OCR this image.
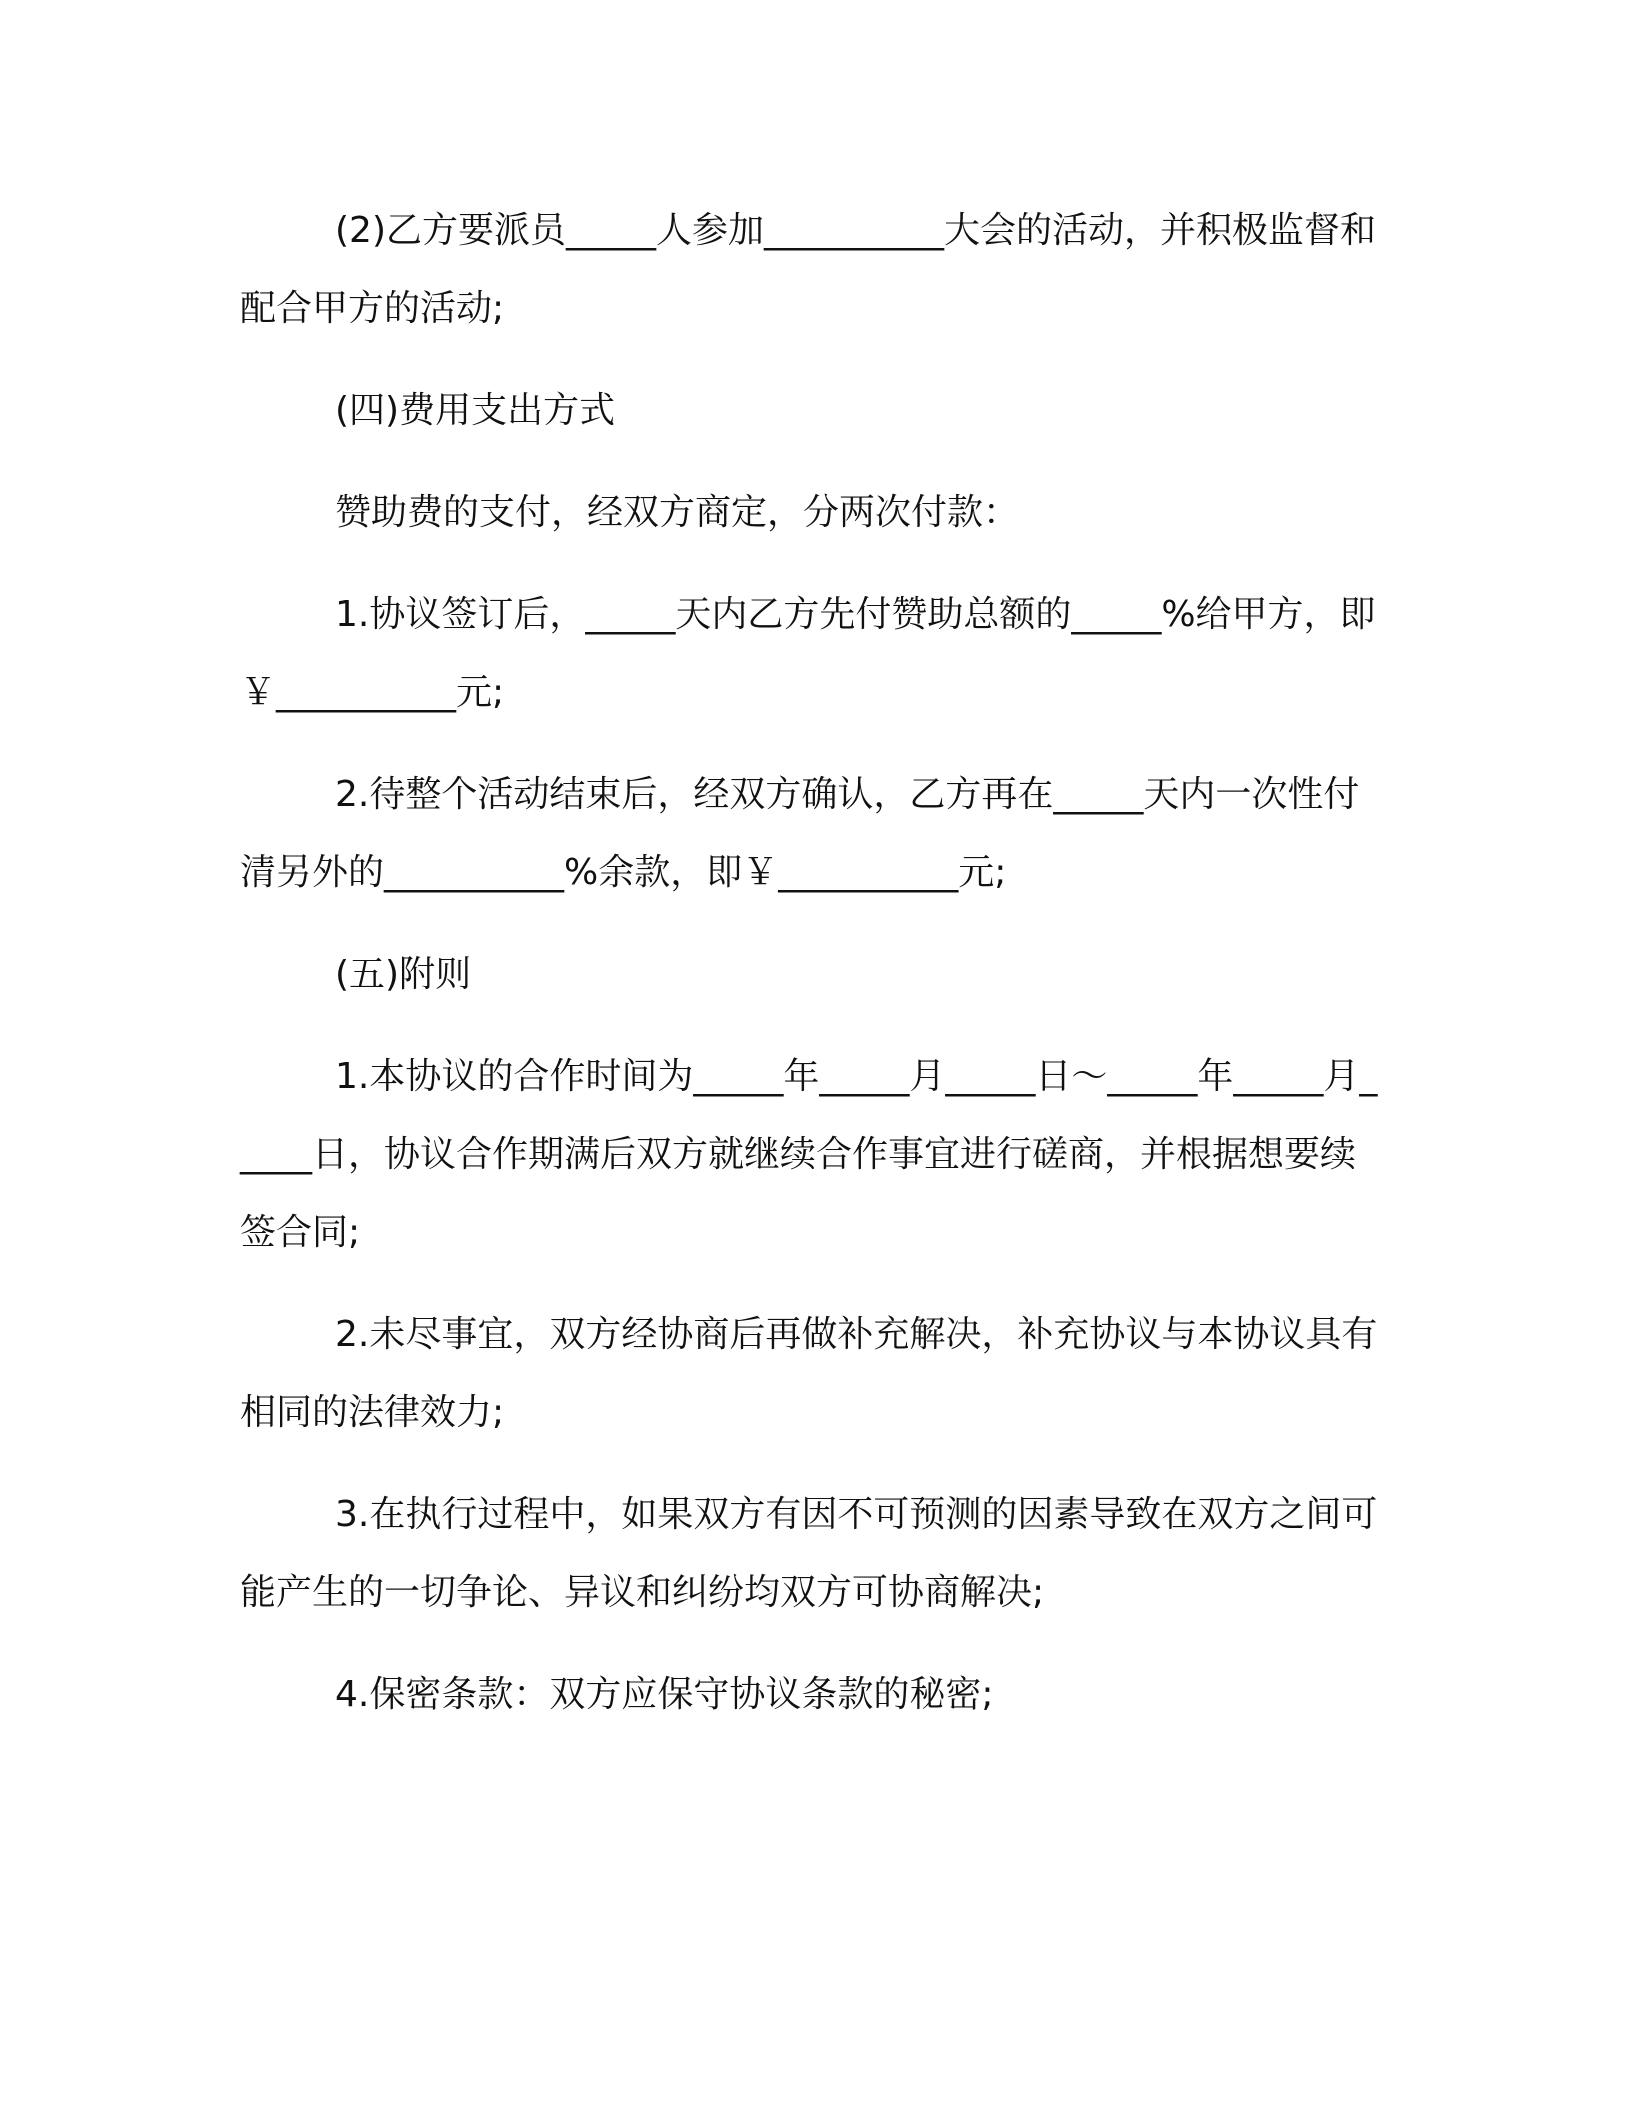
(2)乙方要派员_____人参加__________大会的活动，并积极监督和配合甲方的活动;

(四)费用支出方式

赞助费的支付，经双方商定，分两次付款：

1.协议签订后，_____天内乙方先付赞助总额的_____%给甲方，即￥__________元;

2.待整个活动结束后，经双方确认，乙方再在_____天内一次性付清另外的__________%余款，即￥__________元;

(五)附则

1.本协议的合作时间为_____年_____月_____日～_____年_____月_____日，协议合作期满后双方就继续合作事宜进行磋商，并根据想要续签合同;

2.未尽事宜，双方经协商后再做补充解决，补充协议与本协议具有相同的法律效力;

3.在执行过程中，如果双方有因不可预测的因素导致在双方之间可能产生的一切争论、异议和纠纷均双方可协商解决;

4.保密条款：双方应保守协议条款的秘密;
